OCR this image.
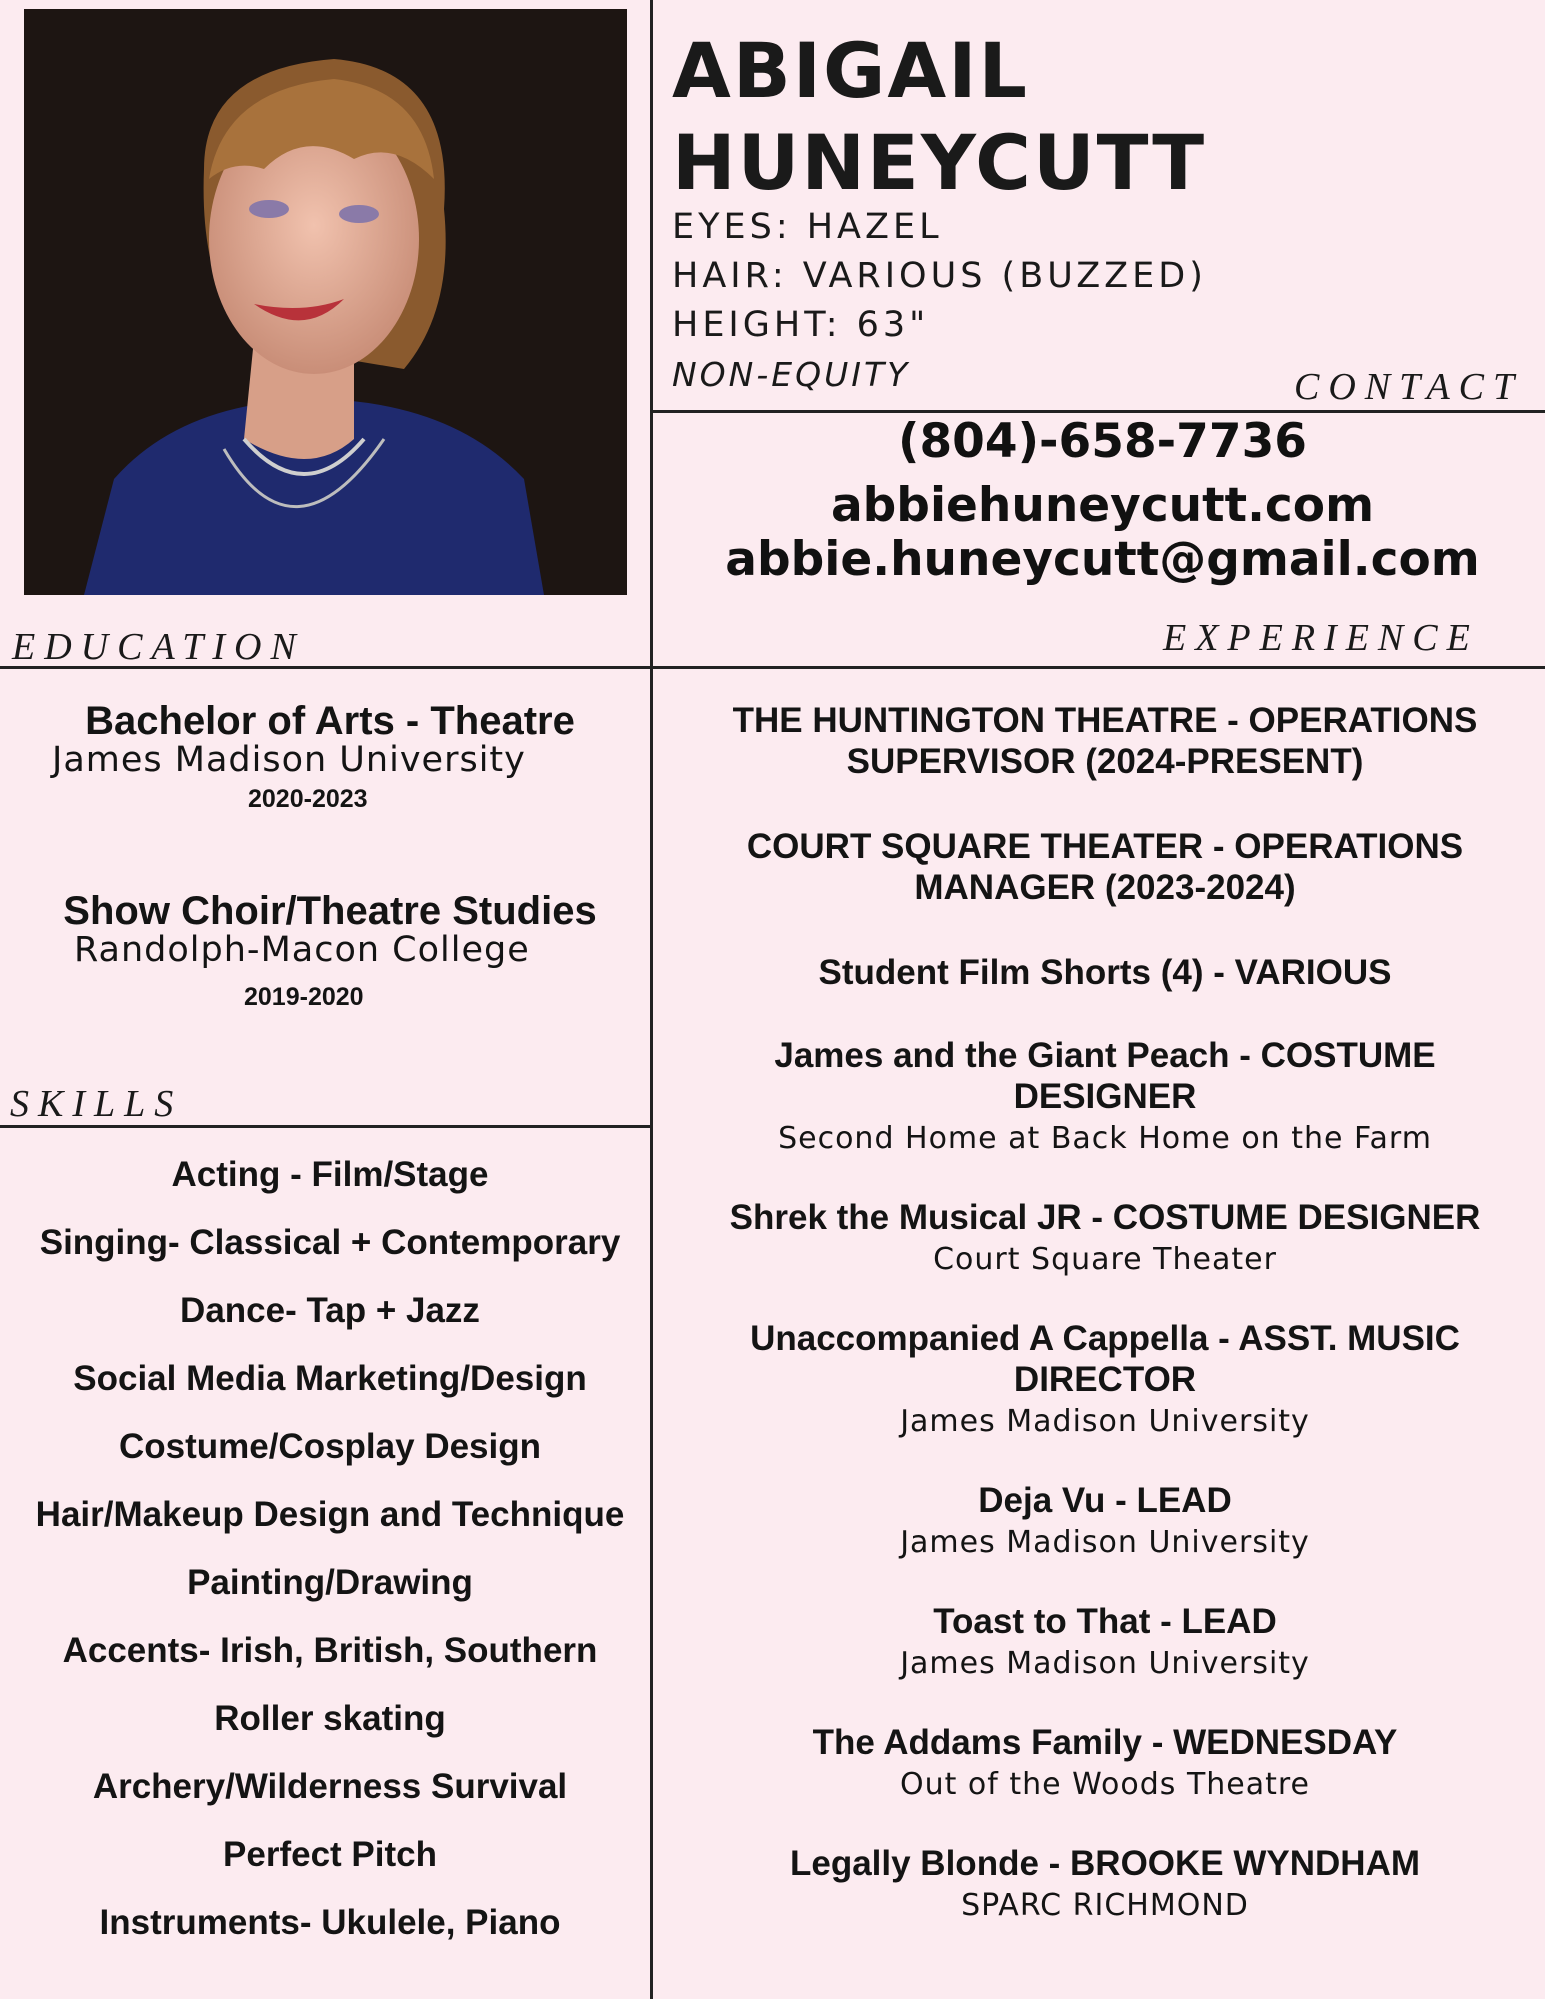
ABIGAIL
HUNEYCUTT
EYES: HAZEL
HAIR: VARIOUS (BUZZED)
HEIGHT: 63"
NON-EQUITY	CONTACT
(804)-658-7736
abbiehuneycutt.com
abbie.huneycutt@gmail.com
EDUCATION	EXPERIENCE
Bachelor of Arts - Theatre
James Madison University
2020-2023
Show Choir/Theatre Studies
Randolph-Macon College
2019-2020
SKILLS
Acting - Film/Stage
Singing- Classical + Contemporary
Dance- Tap + Jazz
Social Media Marketing/Design
Costume/Cosplay Design
Hair/Makeup Design and Technique
Painting/Drawing
Accents- Irish, British, Southern
Roller skating
Archery/Wilderness Survival
Perfect Pitch
Instruments- Ukulele, Piano
THE HUNTINGTON THEATRE - OPERATIONS SUPERVISOR (2024-PRESENT)
COURT SQUARE THEATER - OPERATIONS MANAGER (2023-2024)
Student Film Shorts (4) - VARIOUS
James and the Giant Peach - COSTUME DESIGNER
Second Home at Back Home on the Farm
Shrek the Musical JR - COSTUME DESIGNER
Court Square Theater
Unaccompanied A Cappella - ASST. MUSIC DIRECTOR
James Madison University
Deja Vu - LEAD
James Madison University
Toast to That - LEAD
James Madison University
The Addams Family - WEDNESDAY
Out of the Woods Theatre
Legally Blonde - BROOKE WYNDHAM
SPARC RICHMOND
